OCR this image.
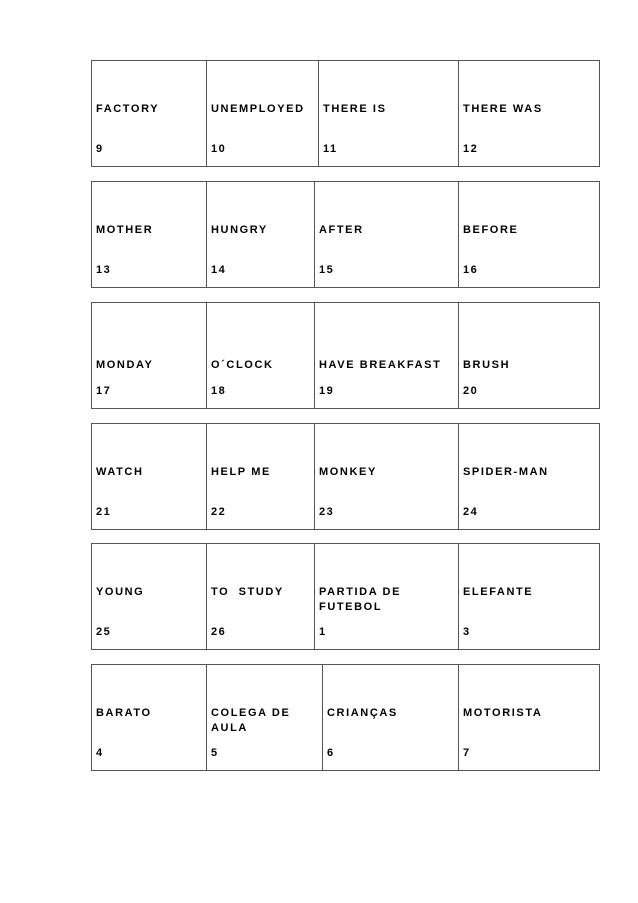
FACTORY
9
UNEMPLOYED
10
THERE IS
11
THERE WAS
12
MOTHER
13
HUNGRY
14
AFTER
15
BEFORE
16
MONDAY
17
O´CLOCK
18
HAVE BREAKFAST
19
BRUSH
20
WATCH
21
HELP ME
22
MONKEY
23
SPIDER-MAN
24
YOUNG
25
TO  STUDY
26
PARTIDA DE FUTEBOL
1
ELEFANTE
3
BARATO
4
COLEGA DE AULA
5
CRIANÇAS
6
MOTORISTA
7
